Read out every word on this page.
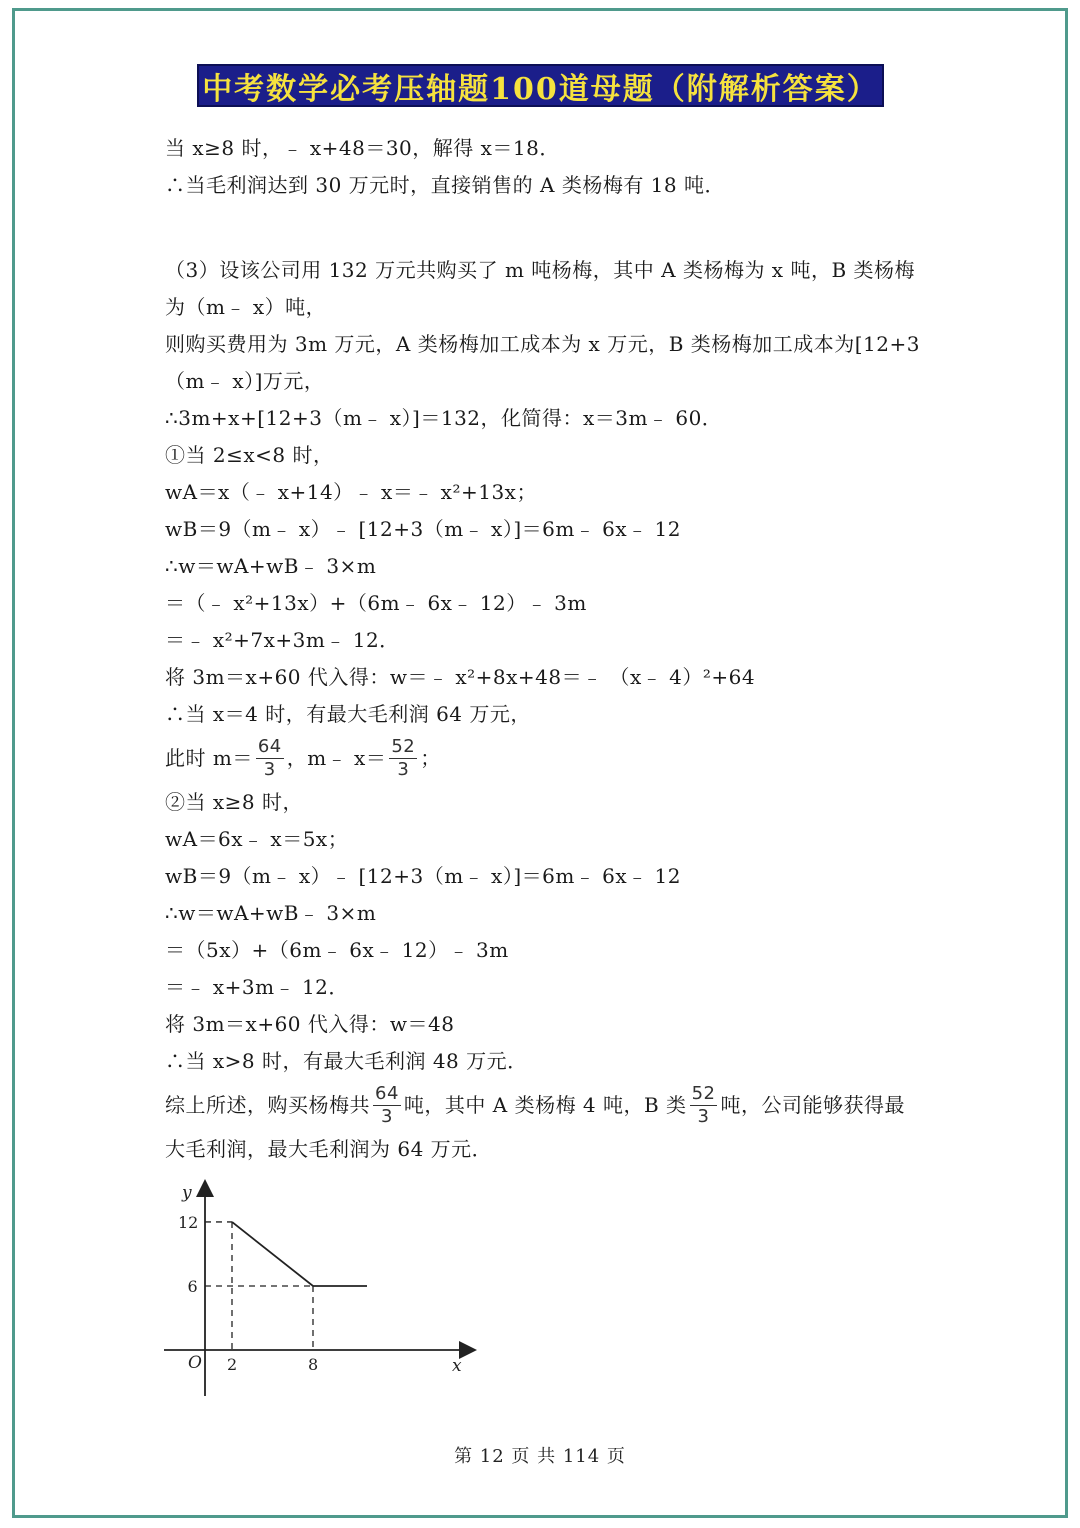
中考数学必考压轴题100道母题（附解析答案）
当 x≥8 时，﹣ x+48＝30，解得 x＝18．
∴当毛利润达到 30 万元时，直接销售的 A 类杨梅有 18 吨．
（3）设该公司用 132 万元共购买了 m 吨杨梅，其中 A 类杨梅为 x 吨，B 类杨梅为（m﹣ x）吨，
则购买费用为 3m 万元，A 类杨梅加工成本为 x 万元，B 类杨梅加工成本为[12+3（m﹣ x）]万元，
∴3m+x+[12+3（m﹣ x）]＝132，化简得：x＝3m﹣ 60．
①当 2≤x<8 时，
wA＝x（﹣ x+14）﹣ x＝﹣ x²+13x；
wB＝9（m﹣ x）﹣ [12+3（m﹣ x）]＝6m﹣ 6x﹣ 12
∴w＝wA+wB﹣ 3×m
＝（﹣ x²+13x）+（6m﹣ 6x﹣ 12）﹣ 3m
＝﹣ x²+7x+3m﹣ 12．
将 3m＝x+60 代入得：w＝﹣ x²+8x+48＝﹣ （x﹣ 4）²+64
∴当 x＝4 时，有最大毛利润 64 万元，
此时 $m= \frac{64}{3}$ ，m﹣ $x= \frac{52}{3}$ ；
②当 x≥8 时，
wA＝6x﹣ x＝5x；
wB＝9（m﹣ x）﹣ [12+3（m﹣ x）]＝6m﹣ 6x﹣ 12
∴w＝wA+wB﹣ 3×m
＝（5x）+（6m﹣ 6x﹣ 12）﹣ 3m
＝﹣ x+3m﹣ 12．
将 3m＝x+60 代入得：w＝48
∴当 x>8 时，有最大毛利润 48 万元．
综上所述，购买杨梅共 $\frac{64}{3}$ 吨，其中 A 类杨梅 4 吨，B 类 $\frac{52}{3}$ 吨，公司能够获得最
大毛利润，最大毛利润为 64 万元．
2	8
6
12
O	x
y
第 12 页 共 114 页
